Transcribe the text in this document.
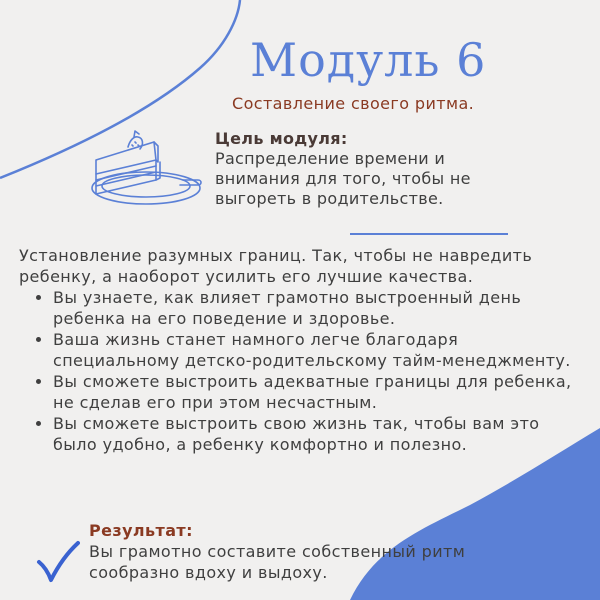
Модуль 6
Составление своего ритма.
Цель модуля:
Распределение времени и внимания для того, чтобы не выгореть в родительстве.

Установление разумных границ. Так, чтобы не навредить ребенку, а наоборот усилить его лучшие качества.

• Вы узнаете, как влияет грамотно выстроенный день ребенка на его поведение и здоровье.
• Ваша жизнь станет намного легче благодаря специальному детско-родительскому тайм-менеджменту.
• Вы сможете выстроить адекватные границы для ребенка, не сделав его при этом несчастным.
• Вы сможете выстроить свою жизнь так, чтобы вам это было удобно, а ребенку комфортно и полезно.
Результат:
Вы грамотно составите собственный ритм сообразно вдоху и выдоху.
